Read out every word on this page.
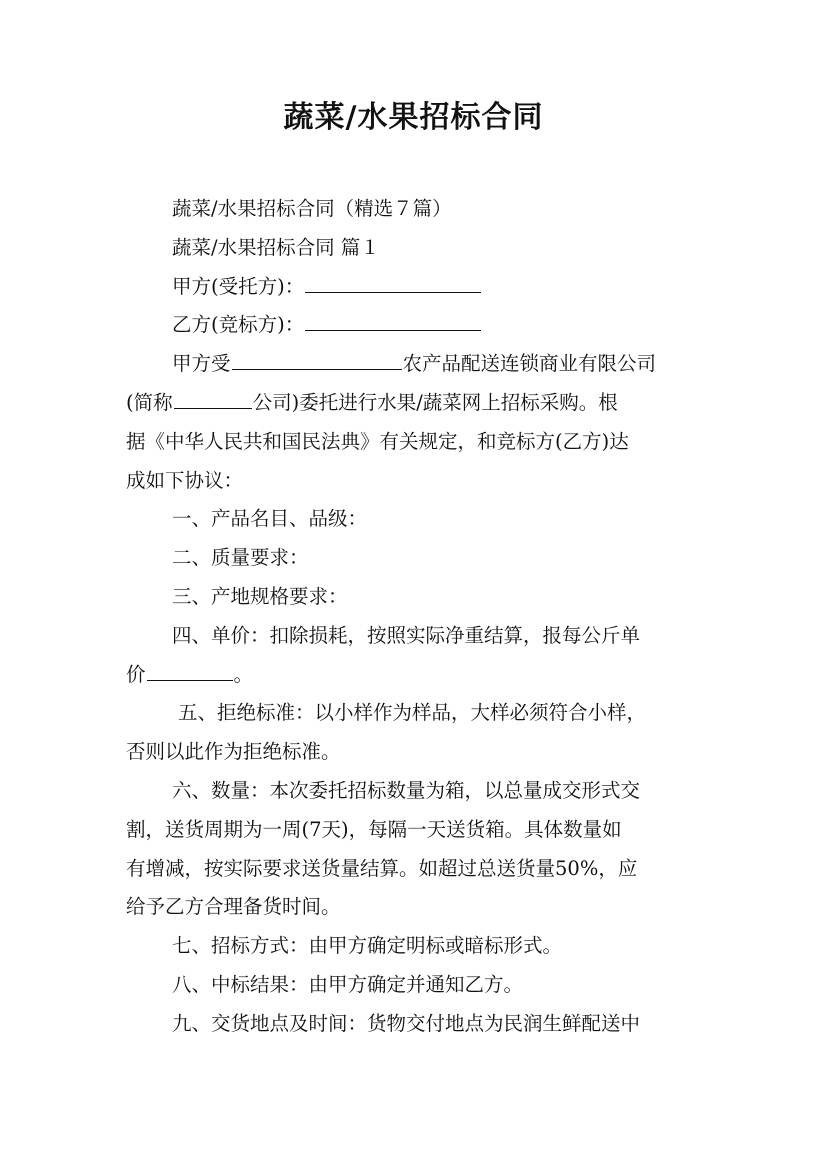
蔬菜/水果招标合同
蔬菜/水果招标合同（精选７篇）
蔬菜/水果招标合同 篇１
甲方(受托方)：
乙方(竞标方)：
甲方受	农产品配送连锁商业有限公司
(简称	公司)委托进行水果/蔬菜网上招标采购。根
据《中华人民共和国民法典》有关规定，和竞标方(乙方)达
成如下协议：
一、产品名目、品级：
二、质量要求：
三、产地规格要求：
四、单价：扣除损耗，按照实际净重结算，报每公斤单
价	。
五、拒绝标准：以小样作为样品，大样必须符合小样，
否则以此作为拒绝标准。
六、数量：本次委托招标数量为箱，以总量成交形式交
割，送货周期为一周(7天)，每隔一天送货箱。具体数量如
有增减，按实际要求送货量结算。如超过总送货量50%，应
给予乙方合理备货时间。
七、招标方式：由甲方确定明标或暗标形式。
八、中标结果：由甲方确定并通知乙方。
九、交货地点及时间：货物交付地点为民润生鲜配送中
